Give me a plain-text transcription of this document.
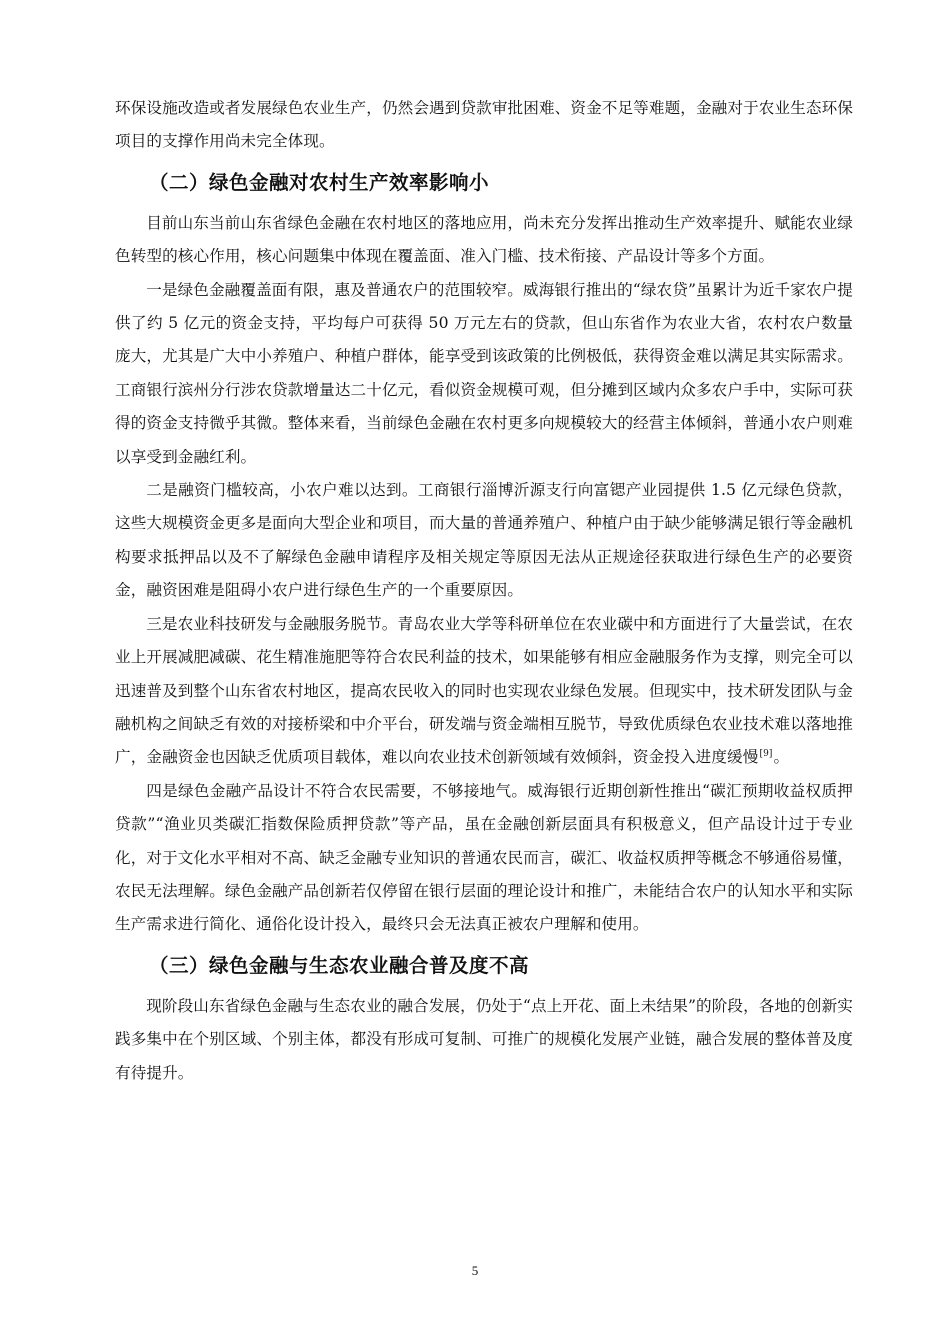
环保设施改造或者发展绿色农业生产，仍然会遇到贷款审批困难、资金不足等难题，金融对于农业生态环保项目的支撑作用尚未完全体现。

（二）绿色金融对农村生产效率影响小

目前山东当前山东省绿色金融在农村地区的落地应用，尚未充分发挥出推动生产效率提升、赋能农业绿色转型的核心作用，核心问题集中体现在覆盖面、准入门槛、技术衔接、产品设计等多个方面。

一是绿色金融覆盖面有限，惠及普通农户的范围较窄。威海银行推出的“绿农贷”虽累计为近千家农户提供了约 5 亿元的资金支持，平均每户可获得 50 万元左右的贷款，但山东省作为农业大省，农村农户数量庞大，尤其是广大中小养殖户、种植户群体，能享受到该政策的比例极低，获得资金难以满足其实际需求。工商银行滨州分行涉农贷款增量达二十亿元，看似资金规模可观，但分摊到区域内众多农户手中，实际可获得的资金支持微乎其微。整体来看，当前绿色金融在农村更多向规模较大的经营主体倾斜，普通小农户则难以享受到金融红利。

二是融资门槛较高，小农户难以达到。工商银行淄博沂源支行向富锶产业园提供 1.5 亿元绿色贷款，这些大规模资金更多是面向大型企业和项目，而大量的普通养殖户、种植户由于缺少能够满足银行等金融机构要求抵押品以及不了解绿色金融申请程序及相关规定等原因无法从正规途径获取进行绿色生产的必要资金，融资困难是阻碍小农户进行绿色生产的一个重要原因。

三是农业科技研发与金融服务脱节。青岛农业大学等科研单位在农业碳中和方面进行了大量尝试，在农业上开展减肥减碳、花生精准施肥等符合农民利益的技术，如果能够有相应金融服务作为支撑，则完全可以迅速普及到整个山东省农村地区，提高农民收入的同时也实现农业绿色发展。但现实中，技术研发团队与金融机构之间缺乏有效的对接桥梁和中介平台，研发端与资金端相互脱节，导致优质绿色农业技术难以落地推广，金融资金也因缺乏优质项目载体，难以向农业技术创新领域有效倾斜，资金投入进度缓慢[9]。

四是绿色金融产品设计不符合农民需要，不够接地气。威海银行近期创新性推出“碳汇预期收益权质押贷款”“渔业贝类碳汇指数保险质押贷款”等产品，虽在金融创新层面具有积极意义，但产品设计过于专业化，对于文化水平相对不高、缺乏金融专业知识的普通农民而言，碳汇、收益权质押等概念不够通俗易懂，农民无法理解。绿色金融产品创新若仅停留在银行层面的理论设计和推广，未能结合农户的认知水平和实际生产需求进行简化、通俗化设计投入，最终只会无法真正被农户理解和使用。

（三）绿色金融与生态农业融合普及度不高

现阶段山东省绿色金融与生态农业的融合发展，仍处于“点上开花、面上未结果”的阶段，各地的创新实践多集中在个别区域、个别主体，都没有形成可复制、可推广的规模化发展产业链，融合发展的整体普及度有待提升。

5
